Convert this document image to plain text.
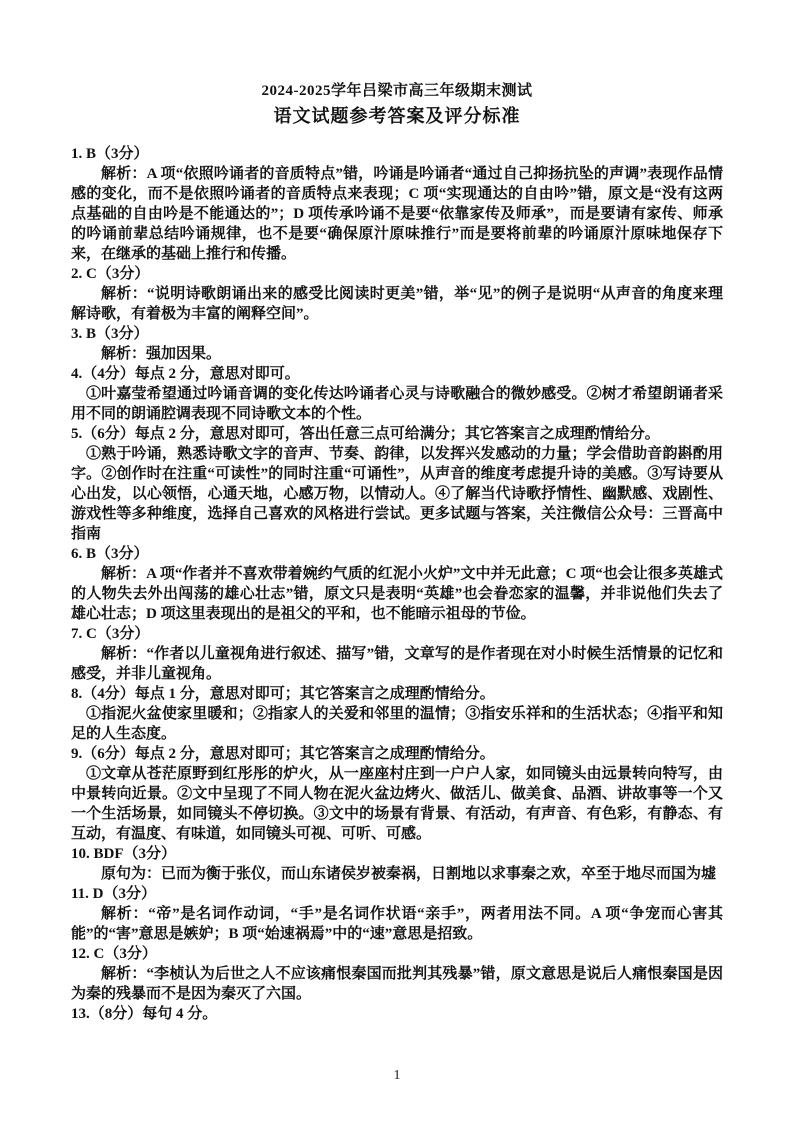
2024-2025学年吕梁市高三年级期末测试
语文试题参考答案及评分标准
1. B（3分）
解析：A 项“依照吟诵者的音质特点”错，吟诵是吟诵者“通过自己抑扬抗坠的声调”表现作品情感的变化，而不是依照吟诵者的音质特点来表现；C 项“实现通达的自由吟”错，原文是“没有这两点基础的自由吟是不能通达的”；D 项传承吟诵不是要“依靠家传及师承”，而是要请有家传、师承的吟诵前辈总结吟诵规律，也不是要“确保原汁原味推行”而是要将前辈的吟诵原汁原味地保存下来，在继承的基础上推行和传播。
2. C（3分）
解析：“说明诗歌朗诵出来的感受比阅读时更美”错，举“见”的例子是说明“从声音的角度来理解诗歌，有着极为丰富的阐释空间”。
3. B（3分）
解析：强加因果。
4.（4分）每点 2 分，意思对即可。
①叶嘉莹希望通过吟诵音调的变化传达吟诵者心灵与诗歌融合的微妙感受。②树才希望朗诵者采用不同的朗诵腔调表现不同诗歌文本的个性。
5.（6分）每点 2 分，意思对即可，答出任意三点可给满分；其它答案言之成理酌情给分。
①熟于吟诵，熟悉诗歌文字的音声、节奏、韵律，以发挥兴发感动的力量；学会借助音韵斟酌用字。②创作时在注重“可读性”的同时注重“可诵性”，从声音的维度考虑提升诗的美感。③写诗要从心出发，以心领悟，心通天地，心感万物，以情动人。④了解当代诗歌抒情性、幽默感、戏剧性、游戏性等多种维度，选择自己喜欢的风格进行尝试。更多试题与答案，关注微信公众号：三晋高中指南
6. B（3分）
解析：A 项“作者并不喜欢带着婉约气质的红泥小火炉”文中并无此意；C 项“也会让很多英雄式的人物失去外出闯荡的雄心壮志”错，原文只是表明“英雄”也会眷恋家的温馨，并非说他们失去了雄心壮志；D 项这里表现出的是祖父的平和，也不能暗示祖母的节俭。
7. C（3分）
解析：“作者以儿童视角进行叙述、描写”错，文章写的是作者现在对小时候生活情景的记忆和感受，并非儿童视角。
8.（4分）每点 1 分，意思对即可；其它答案言之成理酌情给分。
①指泥火盆使家里暖和；②指家人的关爱和邻里的温情；③指安乐祥和的生活状态；④指平和知足的人生态度。
9.（6分）每点 2 分，意思对即可；其它答案言之成理酌情给分。
①文章从苍茫原野到红彤彤的炉火，从一座座村庄到一户户人家，如同镜头由远景转向特写，由中景转向近景。②文中呈现了不同人物在泥火盆边烤火、做活儿、做美食、品酒、讲故事等一个又一个生活场景，如同镜头不停切换。③文中的场景有背景、有活动，有声音、有色彩，有静态、有互动，有温度、有味道，如同镜头可视、可听、可感。
10. BDF（3分）
原句为：已而为衡于张仪，而山东诸侯岁被秦祸，日割地以求事秦之欢，卒至于地尽而国为墟
11. D（3分）
解析：“帝”是名词作动词，“手”是名词作状语“亲手”，两者用法不同。A 项“争宠而心害其能”的“害”意思是嫉妒；B 项“始速祸焉”中的“速”意思是招致。
12. C（3分）
解析：“李桢认为后世之人不应该痛恨秦国而批判其残暴”错，原文意思是说后人痛恨秦国是因为秦的残暴而不是因为秦灭了六国。
13.（8分）每句 4 分。
1
